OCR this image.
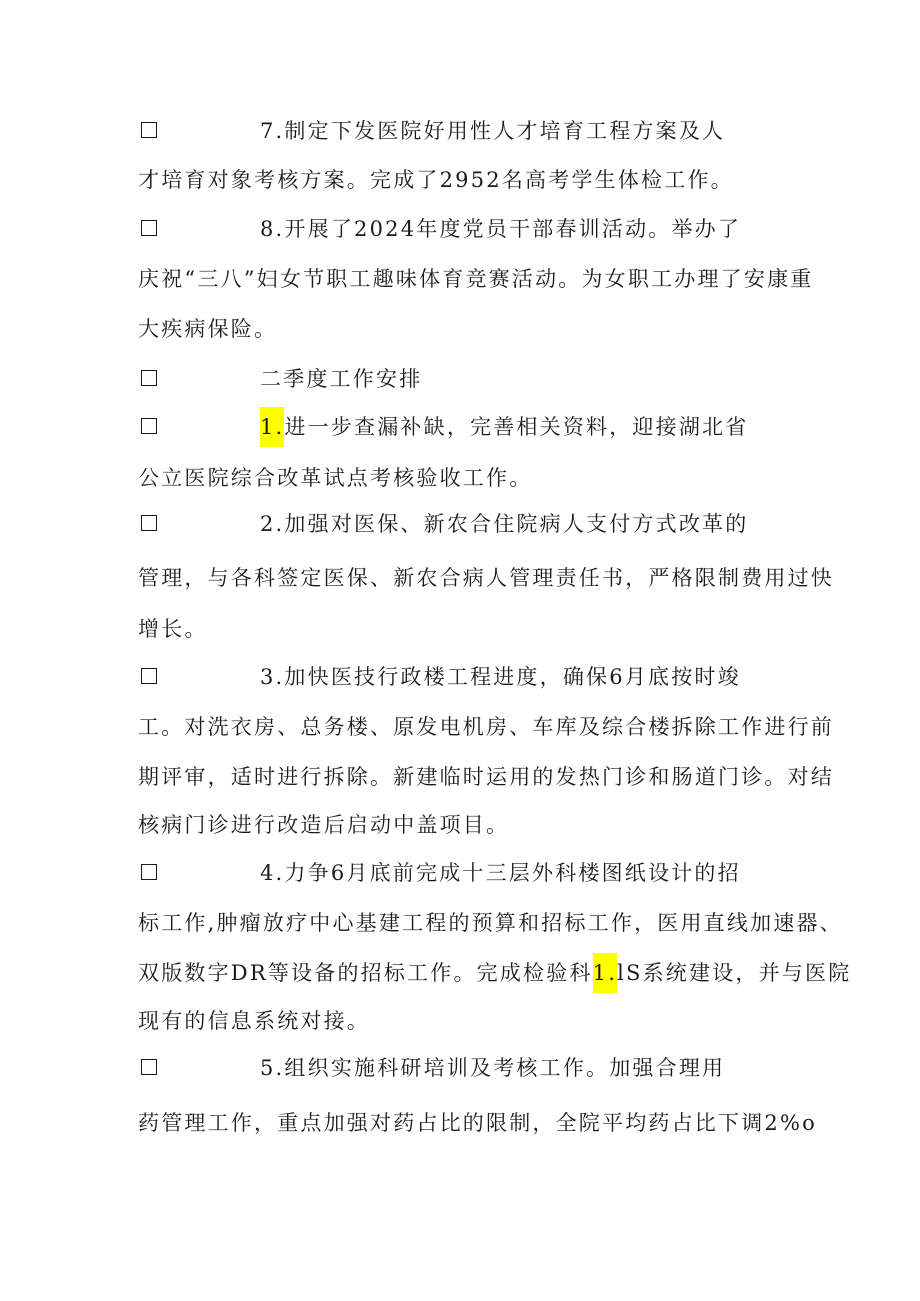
7.制定下发医院好用性人才培育工程方案及人
才培育对象考核方案。完成了2952名高考学生体检工作。
8.开展了2024年度党员干部春训活动。举办了
庆祝“三八”妇女节职工趣味体育竞赛活动。为女职工办理了安康重
大疾病保险。
二季度工作安排
1.进一步查漏补缺，完善相关资料，迎接湖北省
公立医院综合改革试点考核验收工作。
2.加强对医保、新农合住院病人支付方式改革的
管理，与各科签定医保、新农合病人管理责任书，严格限制费用过快
增长。
3.加快医技行政楼工程进度，确保6月底按时竣
工。对洗衣房、总务楼、原发电机房、车库及综合楼拆除工作进行前
期评审，适时进行拆除。新建临时运用的发热门诊和肠道门诊。对结
核病门诊进行改造后启动中盖项目。
4.力争6月底前完成十三层外科楼图纸设计的招
标工作,肿瘤放疗中心基建工程的预算和招标工作，医用直线加速器、
双版数字DR等设备的招标工作。完成检验科1.lS系统建设，并与医院
现有的信息系统对接。
5.组织实施科研培训及考核工作。加强合理用
药管理工作，重点加强对药占比的限制，全院平均药占比下调2%o
